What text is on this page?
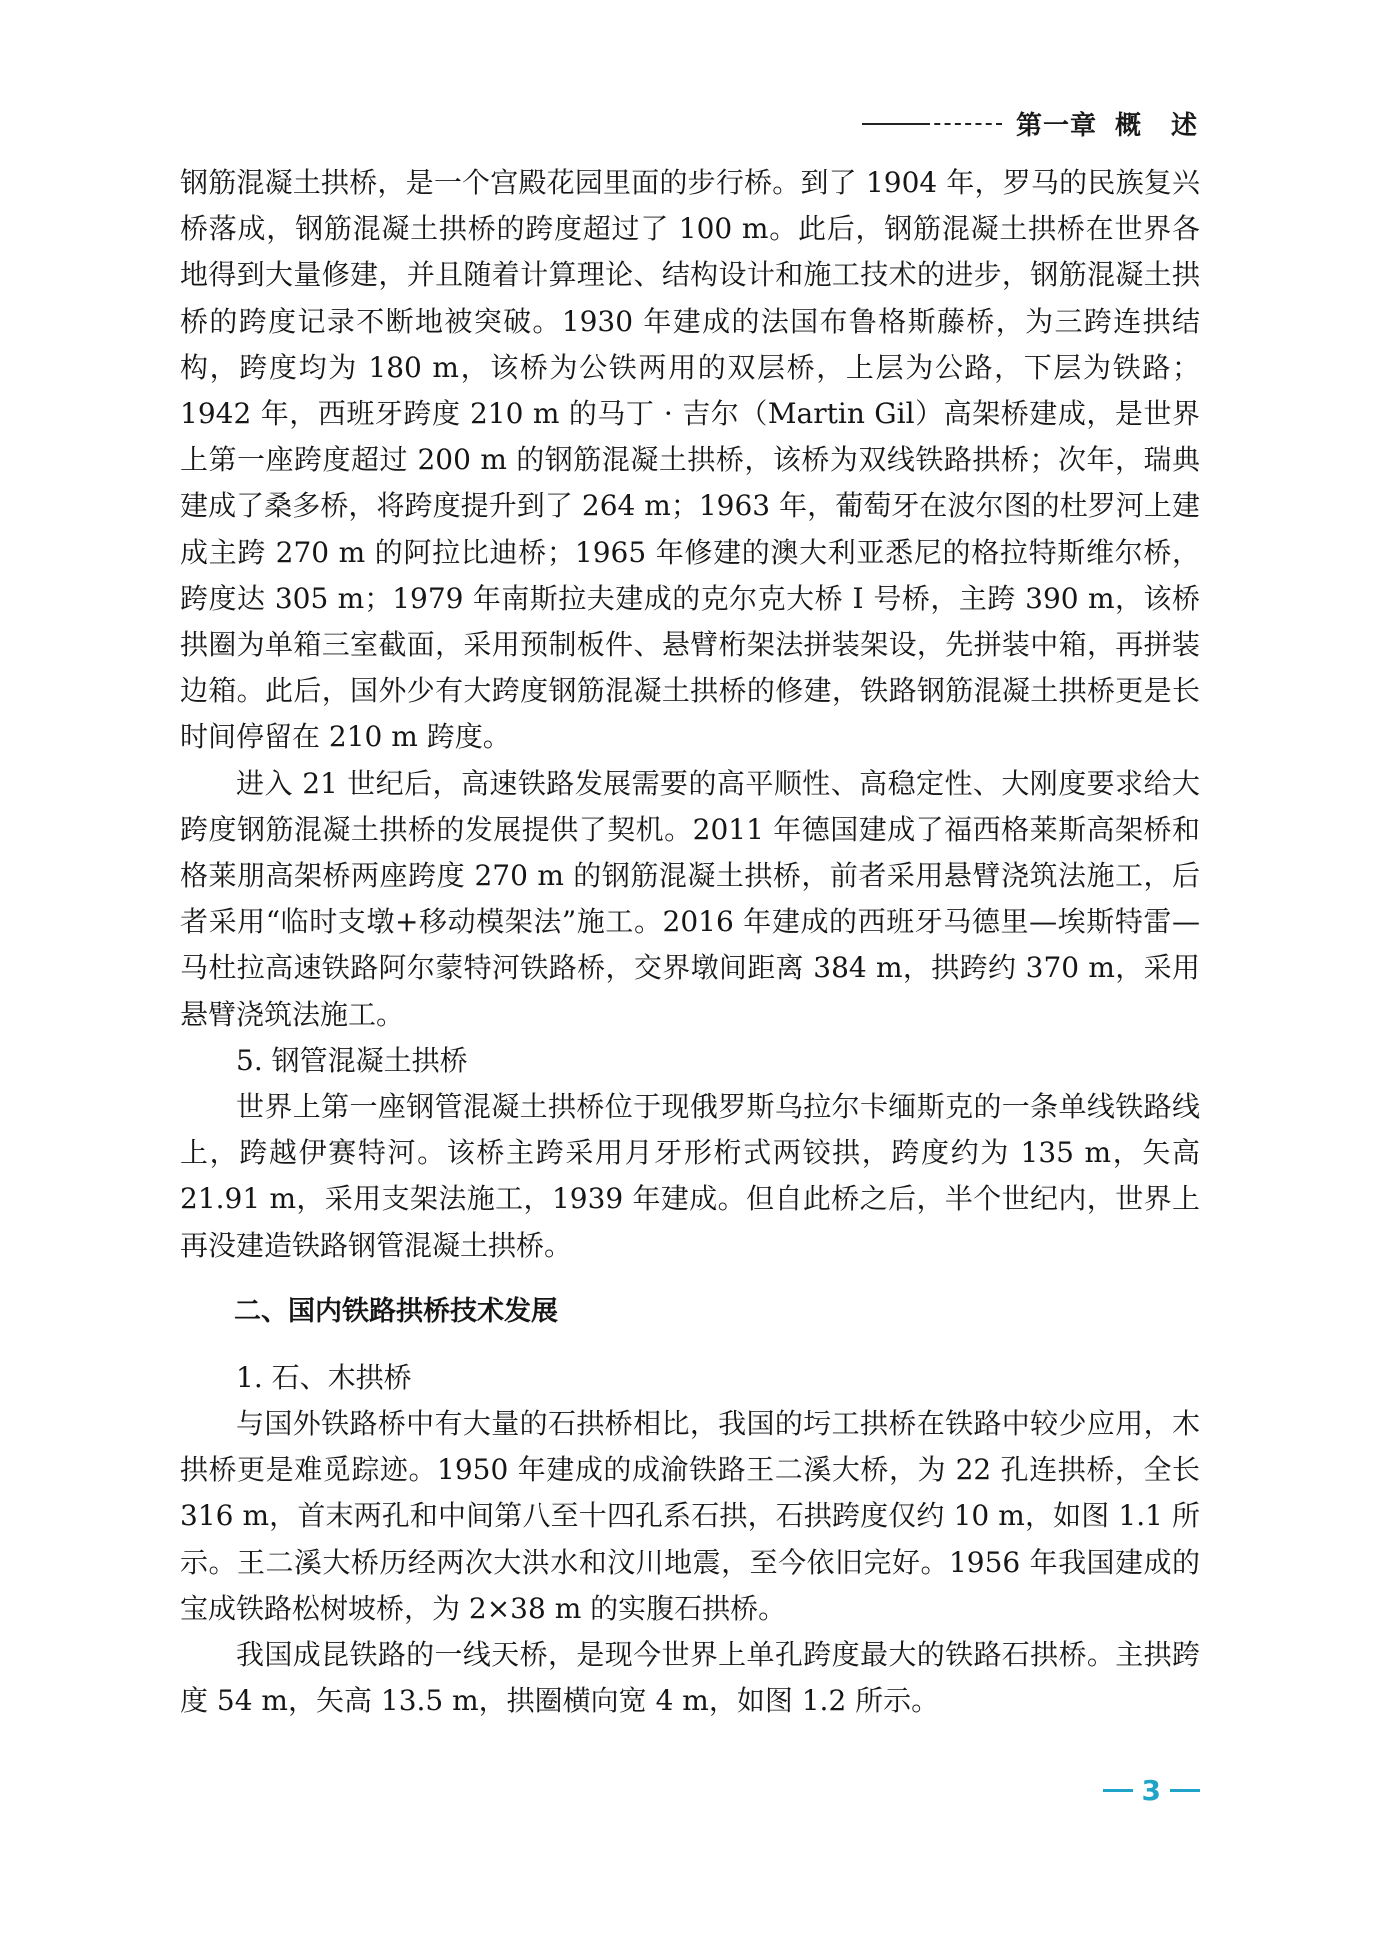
第一章 概述

钢筋混凝土拱桥，是一个宫殿花园里面的步行桥。到了 1904 年，罗马的民族复兴桥落成，钢筋混凝土拱桥的跨度超过了 100 m。此后，钢筋混凝土拱桥在世界各地得到大量修建，并且随着计算理论、结构设计和施工技术的进步，钢筋混凝土拱桥的跨度记录不断地被突破。1930 年建成的法国布鲁格斯藤桥，为三跨连拱结构，跨度均为 180 m，该桥为公铁两用的双层桥，上层为公路，下层为铁路；1942 年，西班牙跨度 210 m 的马丁 · 吉尔（Martin Gil）高架桥建成，是世界上第一座跨度超过 200 m 的钢筋混凝土拱桥，该桥为双线铁路拱桥；次年，瑞典建成了桑多桥，将跨度提升到了 264 m；1963 年，葡萄牙在波尔图的杜罗河上建成主跨 270 m 的阿拉比迪桥；1965 年修建的澳大利亚悉尼的格拉特斯维尔桥，跨度达 305 m；1979 年南斯拉夫建成的克尔克大桥 Ⅰ 号桥，主跨 390 m，该桥拱圈为单箱三室截面，采用预制板件、悬臂桁架法拼装架设，先拼装中箱，再拼装边箱。此后，国外少有大跨度钢筋混凝土拱桥的修建，铁路钢筋混凝土拱桥更是长时间停留在 210 m 跨度。

进入 21 世纪后，高速铁路发展需要的高平顺性、高稳定性、大刚度要求给大跨度钢筋混凝土拱桥的发展提供了契机。2011 年德国建成了福西格莱斯高架桥和格莱朋高架桥两座跨度 270 m 的钢筋混凝土拱桥，前者采用悬臂浇筑法施工，后者采用“临时支墩+移动模架法”施工。2016 年建成的西班牙马德里—埃斯特雷—马杜拉高速铁路阿尔蒙特河铁路桥，交界墩间距离 384 m，拱跨约 370 m，采用悬臂浇筑法施工。

5. 钢管混凝土拱桥

世界上第一座钢管混凝土拱桥位于现俄罗斯乌拉尔卡缅斯克的一条单线铁路线上，跨越伊赛特河。该桥主跨采用月牙形桁式两铰拱，跨度约为 135 m，矢高 21.91 m，采用支架法施工，1939 年建成。但自此桥之后，半个世纪内，世界上再没建造铁路钢管混凝土拱桥。

二、国内铁路拱桥技术发展

1. 石、木拱桥

与国外铁路桥中有大量的石拱桥相比，我国的圬工拱桥在铁路中较少应用，木拱桥更是难觅踪迹。1950 年建成的成渝铁路王二溪大桥，为 22 孔连拱桥，全长 316 m，首末两孔和中间第八至十四孔系石拱，石拱跨度仅约 10 m，如图 1.1 所示。王二溪大桥历经两次大洪水和汶川地震，至今依旧完好。1956 年我国建成的宝成铁路松树坡桥，为 2×38 m 的实腹石拱桥。

我国成昆铁路的一线天桥，是现今世界上单孔跨度最大的铁路石拱桥。主拱跨度 54 m，矢高 13.5 m，拱圈横向宽 4 m，如图 1.2 所示。

3
